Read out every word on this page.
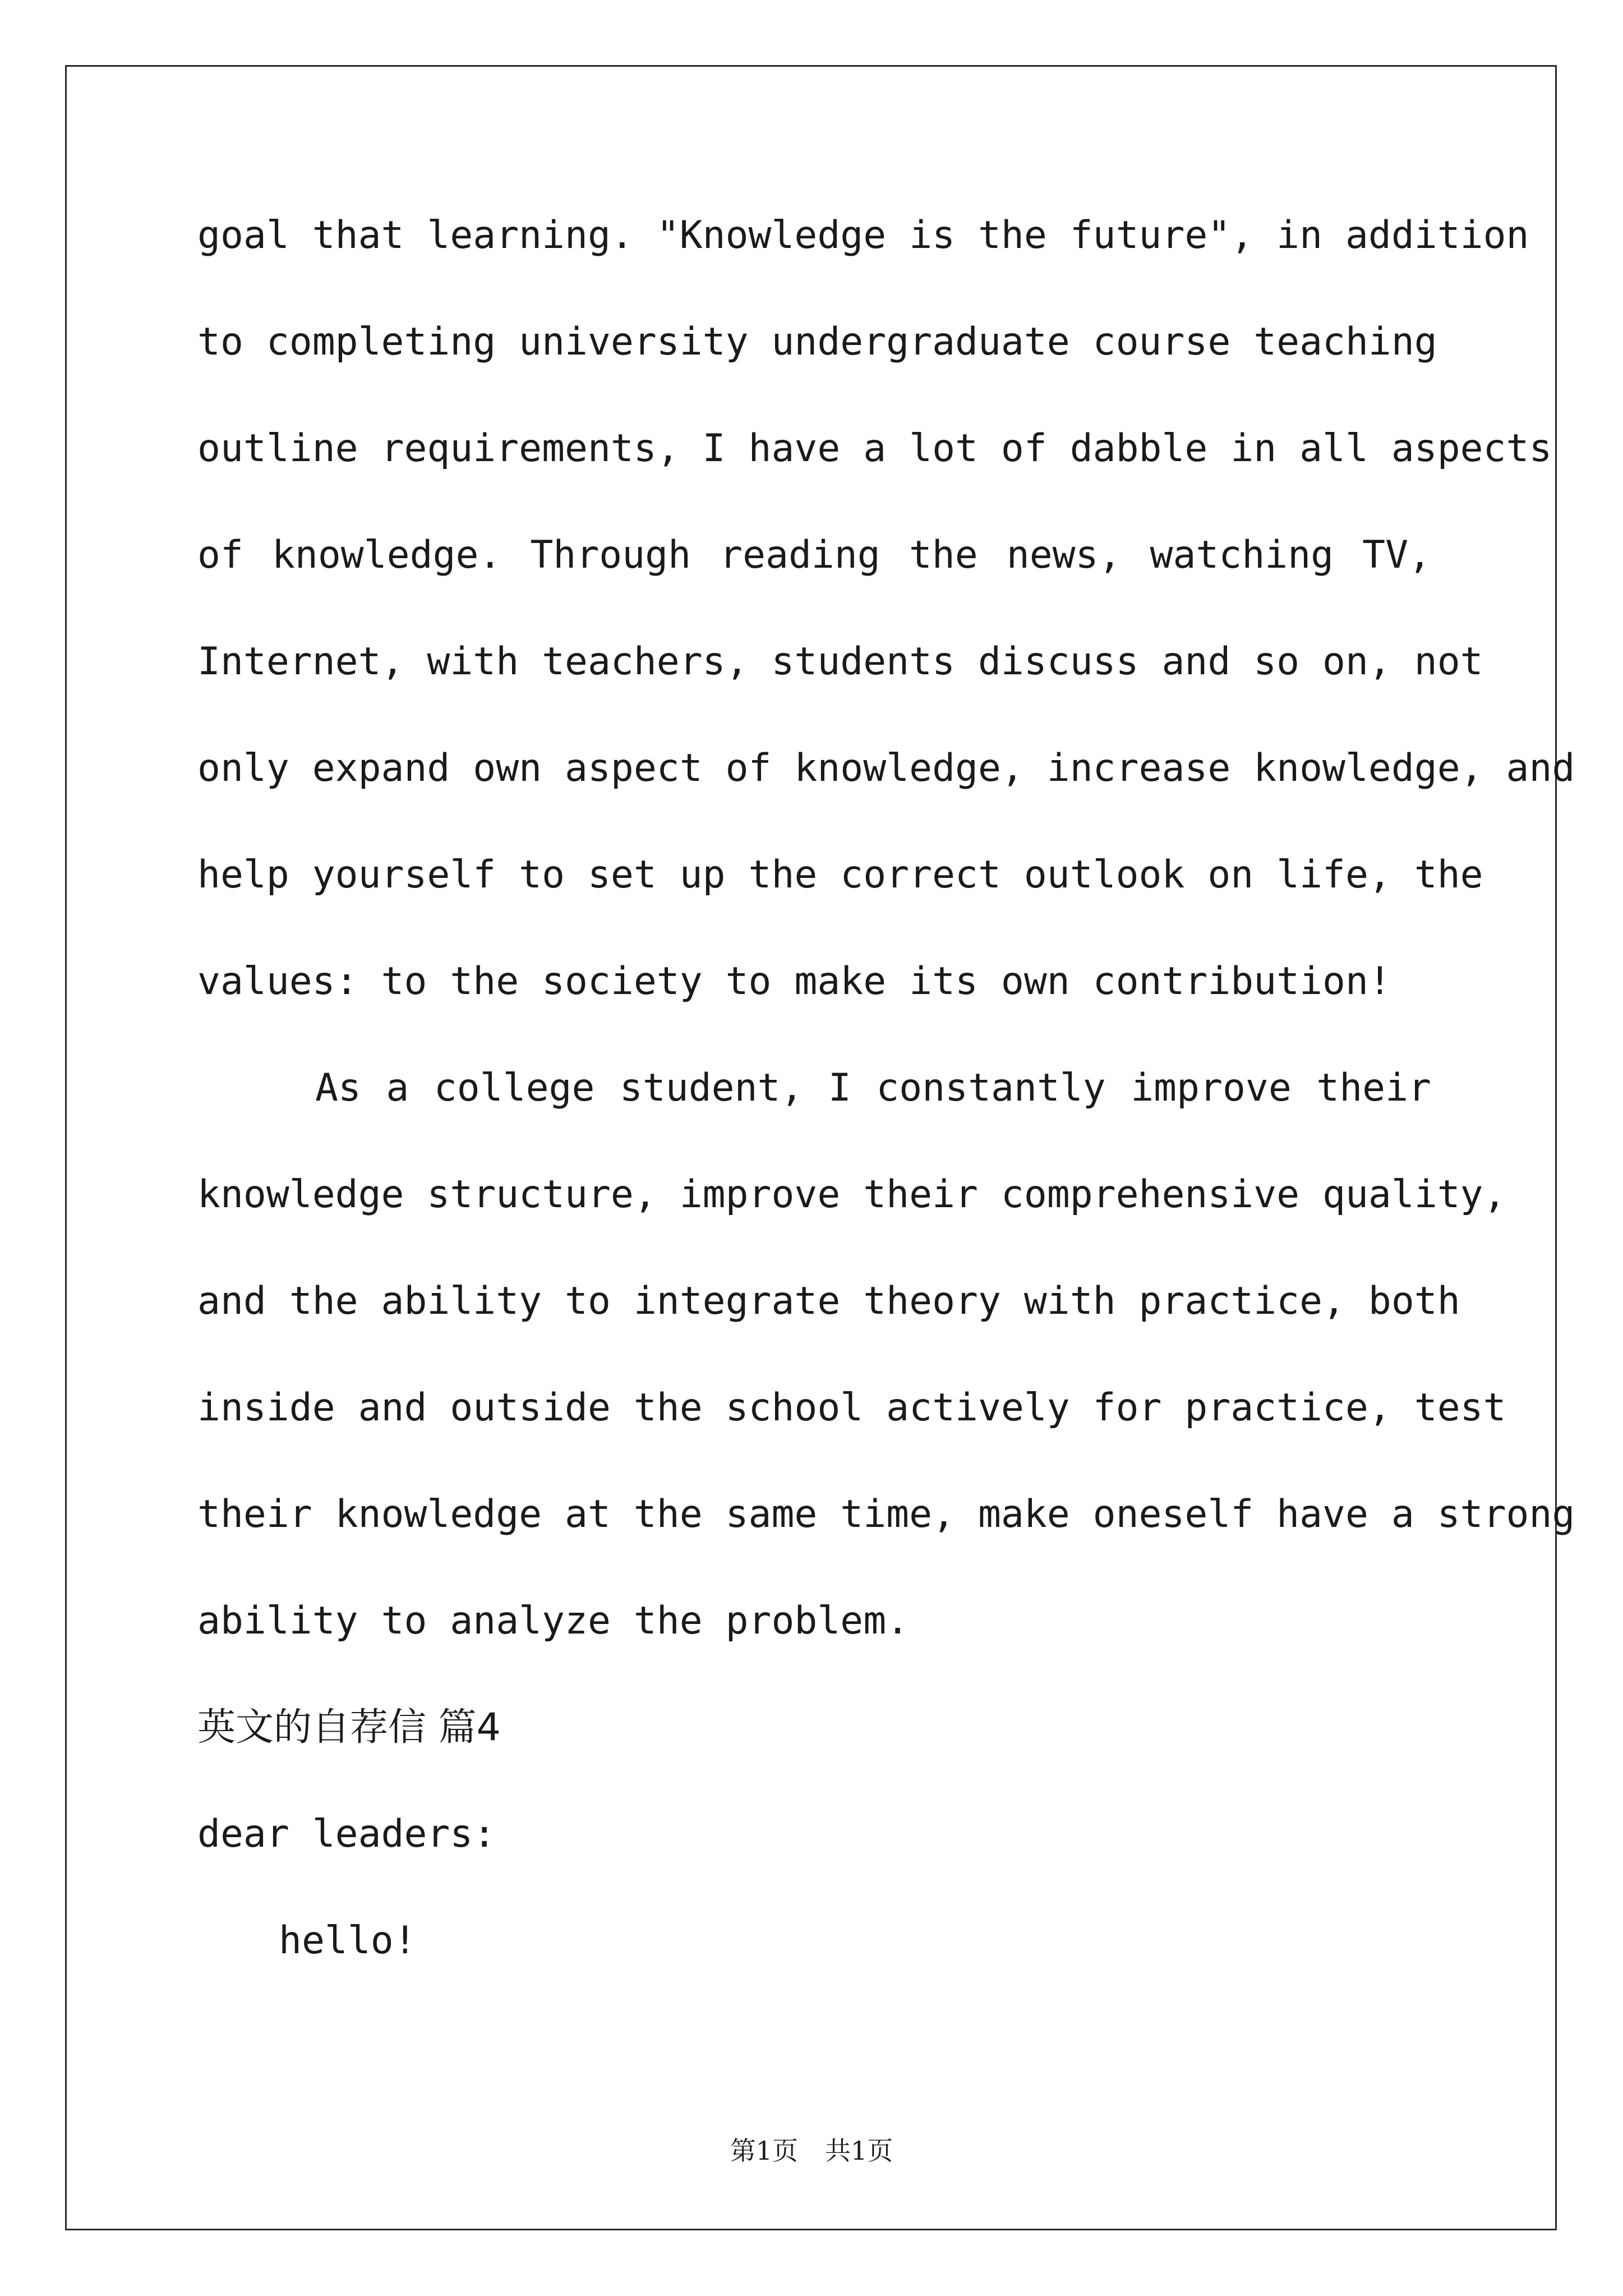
goal that learning. "Knowledge is the future", in addition
to completing university undergraduate course teaching
outline requirements, I have a lot of dabble in all aspects
of knowledge. Through reading the news, watching TV,
Internet, with teachers, students discuss and so on, not
only expand own aspect of knowledge, increase knowledge, and
help yourself to set up the correct outlook on life, the
values: to the society to make its own contribution!
As a college student, I constantly improve their
knowledge structure, improve their comprehensive quality,
and the ability to integrate theory with practice, both
inside and outside the school actively for practice, test
their knowledge at the same time, make oneself have a strong
ability to analyze the problem.
英文的自荐信 篇4
dear leaders:
hello!
第1页 共1页
